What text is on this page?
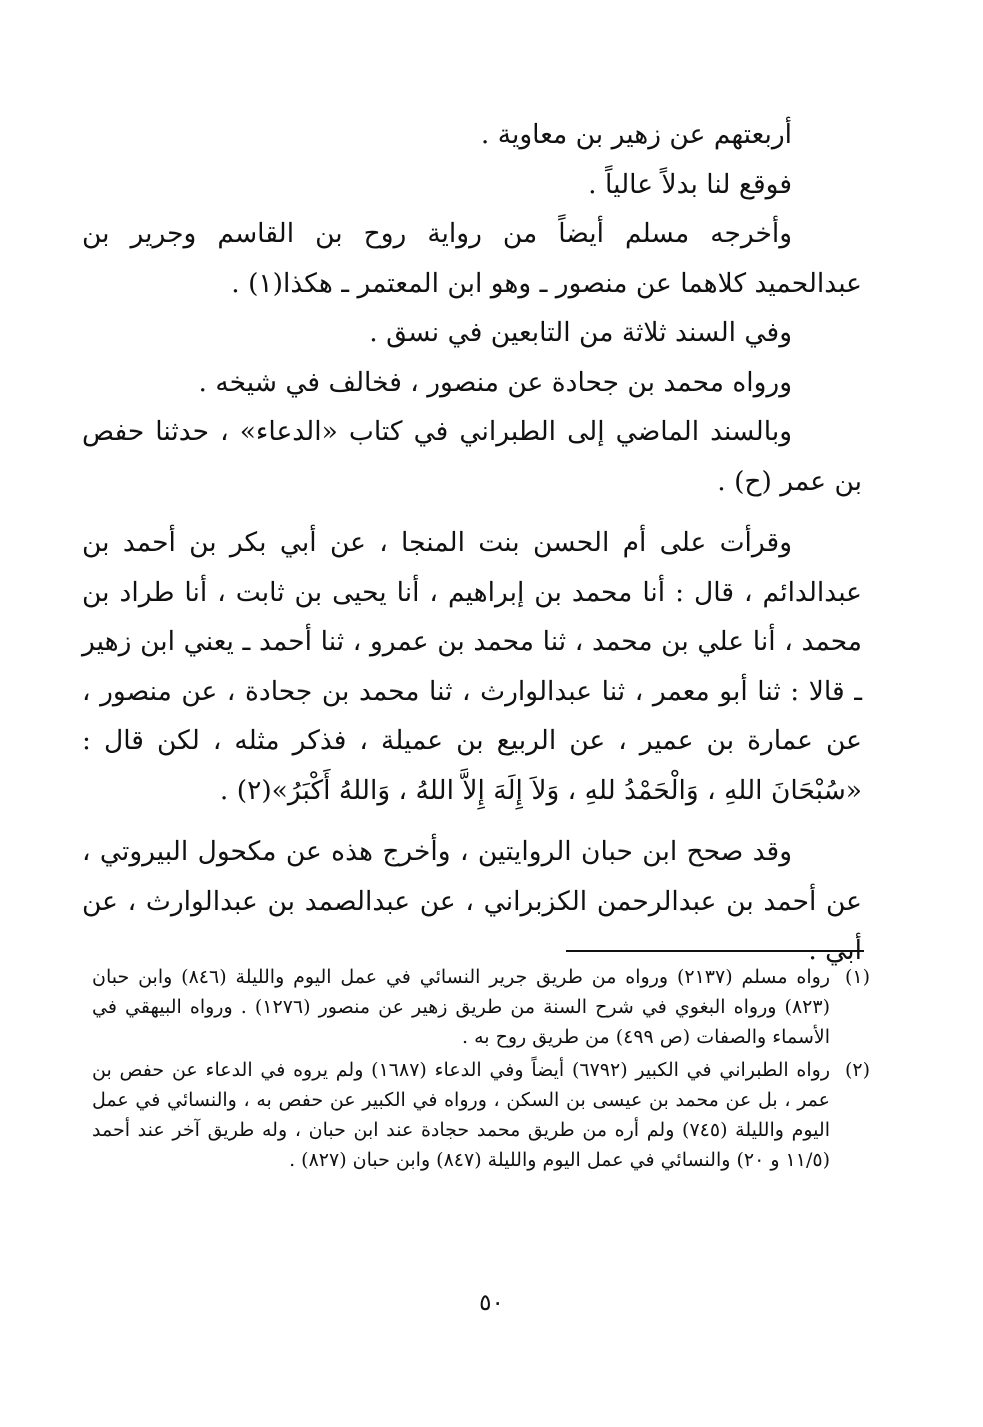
أربعتهم عن زهير بن معاوية .

فوقع لنا بدلاً عالياً .

وأخرجه مسلم أيضاً من رواية روح بن القاسم وجرير بن عبدالحميد كلاهما عن منصور ـ وهو ابن المعتمر ـ هكذا(١) .

وفي السند ثلاثة من التابعين في نسق .

ورواه محمد بن جحادة عن منصور ، فخالف في شيخه .

وبالسند الماضي إلى الطبراني في كتاب «الدعاء» ، حدثنا حفص بن عمر (ح) .

وقرأت على أم الحسن بنت المنجا ، عن أبي بكر بن أحمد بن عبدالدائم ، قال : أنا محمد بن إبراهيم ، أنا يحيى بن ثابت ، أنا طراد بن محمد ، أنا علي بن محمد ، ثنا محمد بن عمرو ، ثنا أحمد ـ يعني ابن زهير ـ قالا : ثنا أبو معمر ، ثنا عبدالوارث ، ثنا محمد بن جحادة ، عن منصور ، عن عمارة بن عمير ، عن الربيع بن عميلة ، فذكر مثله ، لكن قال : «سُبْحَانَ اللهِ ، وَالْحَمْدُ للهِ ، وَلاَ إِلَهَ إِلاَّ اللهُ ، وَاللهُ أَكْبَرُ»(٢) .

وقد صحح ابن حبان الروايتين ، وأخرج هذه عن مكحول البيروتي ، عن أحمد بن عبدالرحمن الكزبراني ، عن عبدالصمد بن عبدالوارث ، عن أبي .

(١)
رواه مسلم (٢١٣٧) ورواه من طريق جرير النسائي في عمل اليوم والليلة (٨٤٦) وابن حبان (٨٢٣) ورواه البغوي في شرح السنة من طريق زهير عن منصور (١٢٧٦) . ورواه البيهقي في الأسماء والصفات (ص ٤٩٩) من طريق روح به .
(٢)
رواه الطبراني في الكبير (٦٧٩٢) أيضاً وفي الدعاء (١٦٨٧) ولم يروه في الدعاء عن حفص بن عمر ، بل عن محمد بن عيسى بن السكن ، ورواه في الكبير عن حفص به ، والنسائي في عمل اليوم والليلة (٧٤٥) ولم أره من طريق محمد حجادة عند ابن حبان ، وله طريق آخر عند أحمد (١١/٥ و ٢٠) والنسائي في عمل اليوم والليلة (٨٤٧) وابن حبان (٨٢٧) .
٥٠
